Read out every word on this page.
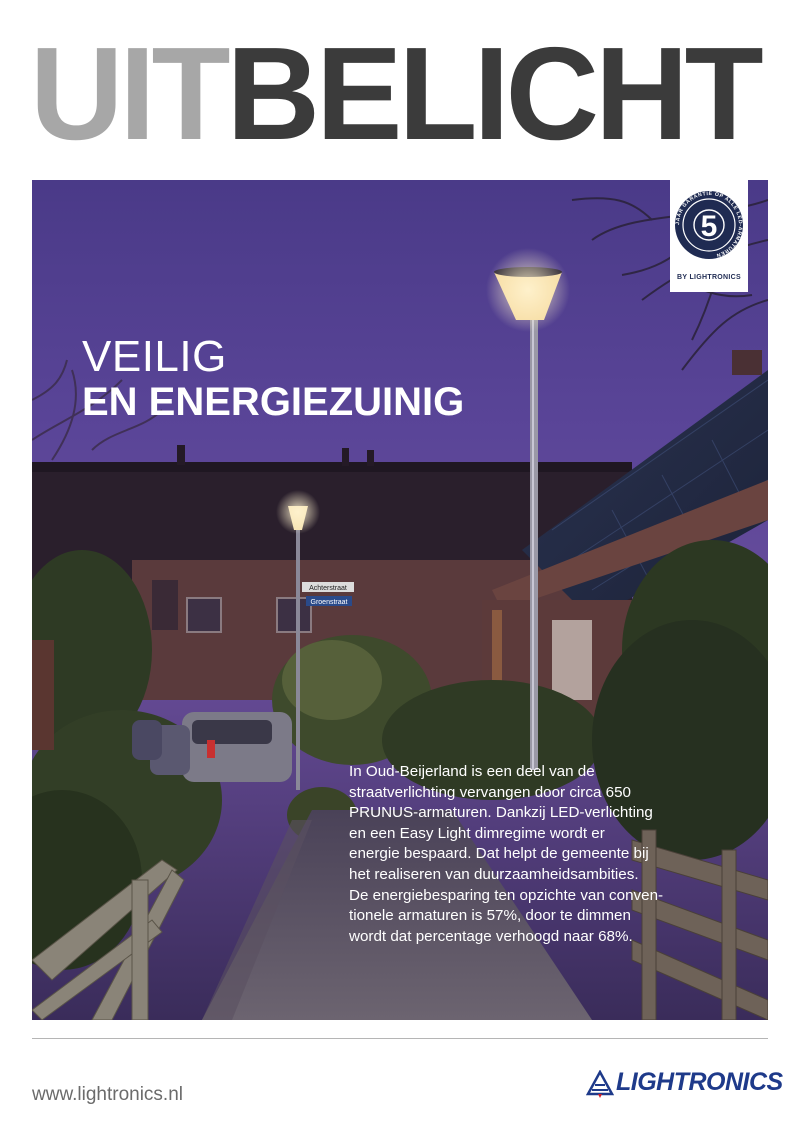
UIT BELICHT
Achterstraat
Groenstraat
VEILIG
EN ENERGIEZUINIG
JAAR GARANTIE OP ALLE LED-ARMATUREN
5
BY LIGHTRONICS
In Oud-Beijerland is een deel van de
straatverlichting vervangen door circa 650
PRUNUS-armaturen. Dankzij LED-verlichting
en een Easy Light dimregime wordt er
energie bespaard. Dat helpt de gemeente bij
het realiseren van duurzaamheidsambities.
De energiebesparing ten opzichte van conven-
tionele armaturen is 57%, door te dimmen
wordt dat percentage verhoogd naar 68%.
www.lightronics.nl	LIGHTRONICS
